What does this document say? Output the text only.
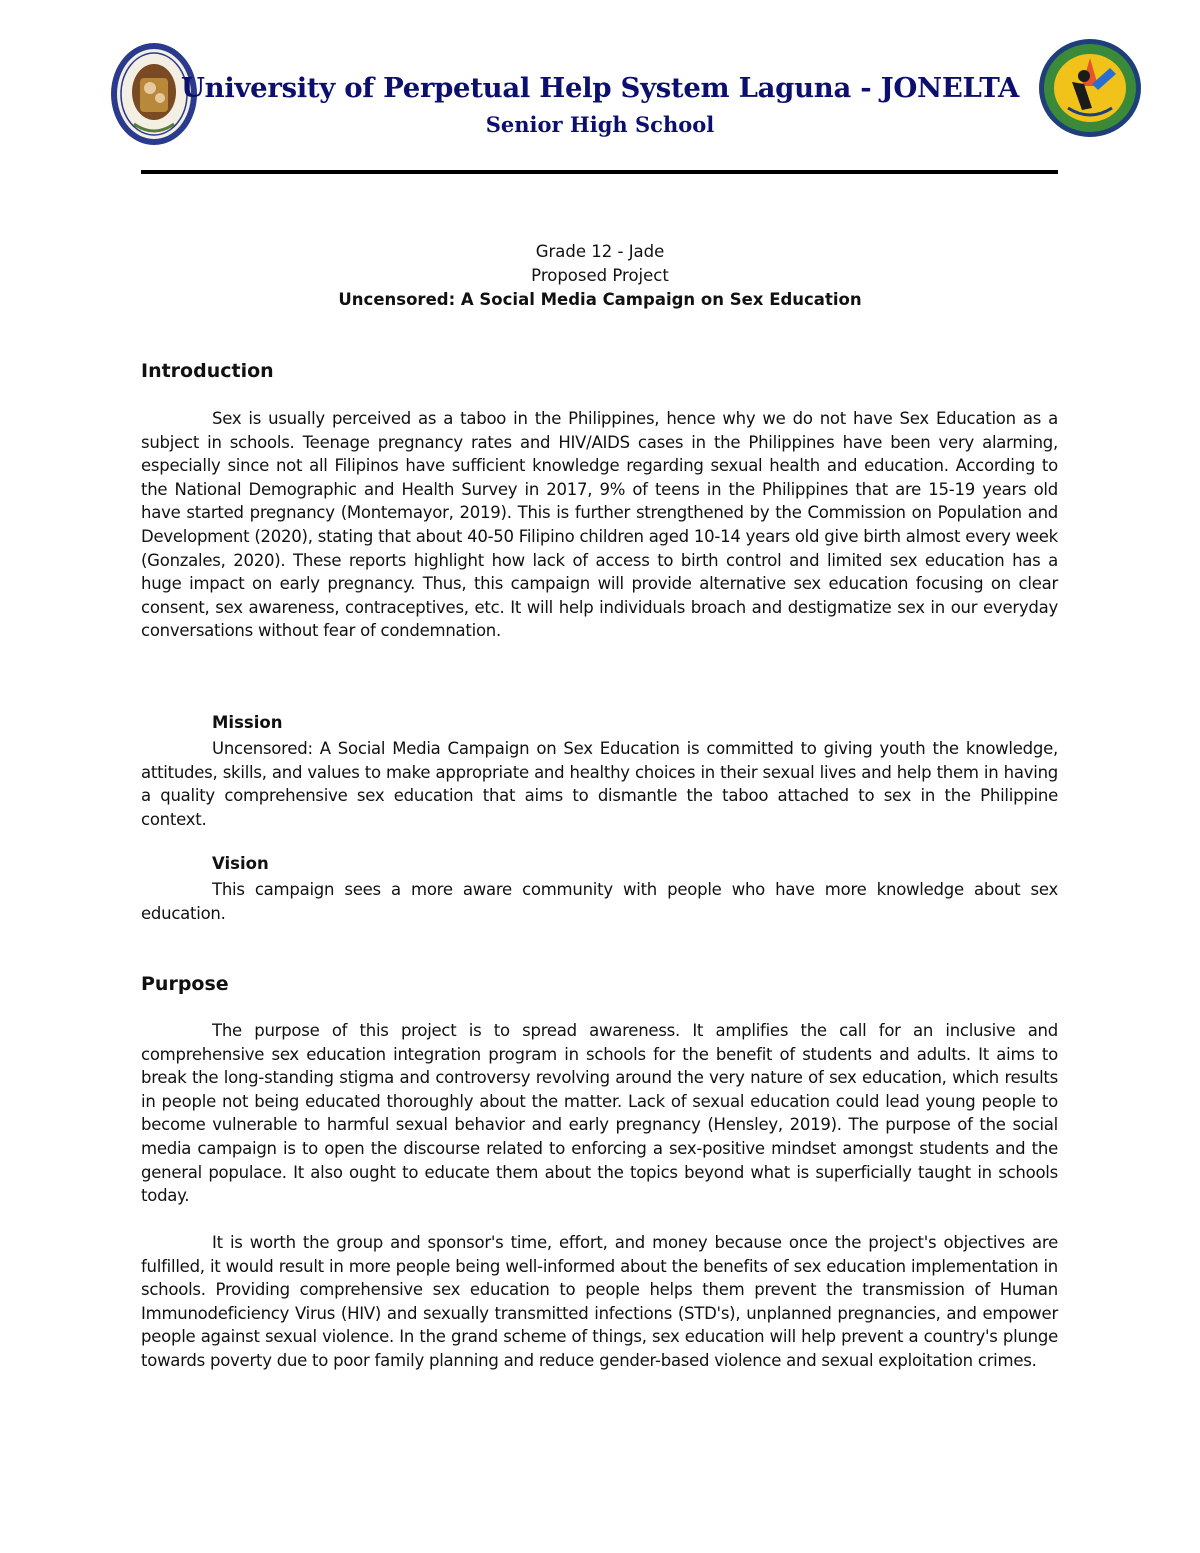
University of Perpetual Help System Laguna - JONELTA
Senior High School
Grade 12 - Jade
Proposed Project
Uncensored: A Social Media Campaign on Sex Education
Introduction
Sex is usually perceived as a taboo in the Philippines, hence why we do not have Sex Education as a subject in schools. Teenage pregnancy rates and HIV/AIDS cases in the Philippines have been very alarming, especially since not all Filipinos have sufficient knowledge regarding sexual health and education. According to the National Demographic and Health Survey in 2017, 9% of teens in the Philippines that are 15-19 years old have started pregnancy (Montemayor, 2019). This is further strengthened by the Commission on Population and Development (2020), stating that about 40-50 Filipino children aged 10-14 years old give birth almost every week (Gonzales, 2020). These reports highlight how lack of access to birth control and limited sex education has a huge impact on early pregnancy. Thus, this campaign will provide alternative sex education focusing on clear consent, sex awareness, contraceptives, etc. It will help individuals broach and destigmatize sex in our everyday conversations without fear of condemnation.
Mission
Uncensored: A Social Media Campaign on Sex Education is committed to giving youth the knowledge, attitudes, skills, and values to make appropriate and healthy choices in their sexual lives and help them in having a quality comprehensive sex education that aims to dismantle the taboo attached to sex in the Philippine context.
Vision
This campaign sees a more aware community with people who have more knowledge about sex education.
Purpose
The purpose of this project is to spread awareness. It amplifies the call for an inclusive and comprehensive sex education integration program in schools for the benefit of students and adults. It aims to break the long-standing stigma and controversy revolving around the very nature of sex education, which results in people not being educated thoroughly about the matter. Lack of sexual education could lead young people to become vulnerable to harmful sexual behavior and early pregnancy (Hensley, 2019). The purpose of the social media campaign is to open the discourse related to enforcing a sex-positive mindset amongst students and the general populace. It also ought to educate them about the topics beyond what is superficially taught in schools today.
It is worth the group and sponsor's time, effort, and money because once the project's objectives are fulfilled, it would result in more people being well-informed about the benefits of sex education implementation in schools. Providing comprehensive sex education to people helps them prevent the transmission of Human Immunodeficiency Virus (HIV) and sexually transmitted infections (STD's), unplanned pregnancies, and empower people against sexual violence. In the grand scheme of things, sex education will help prevent a country's plunge towards poverty due to poor family planning and reduce gender-based violence and sexual exploitation crimes.
